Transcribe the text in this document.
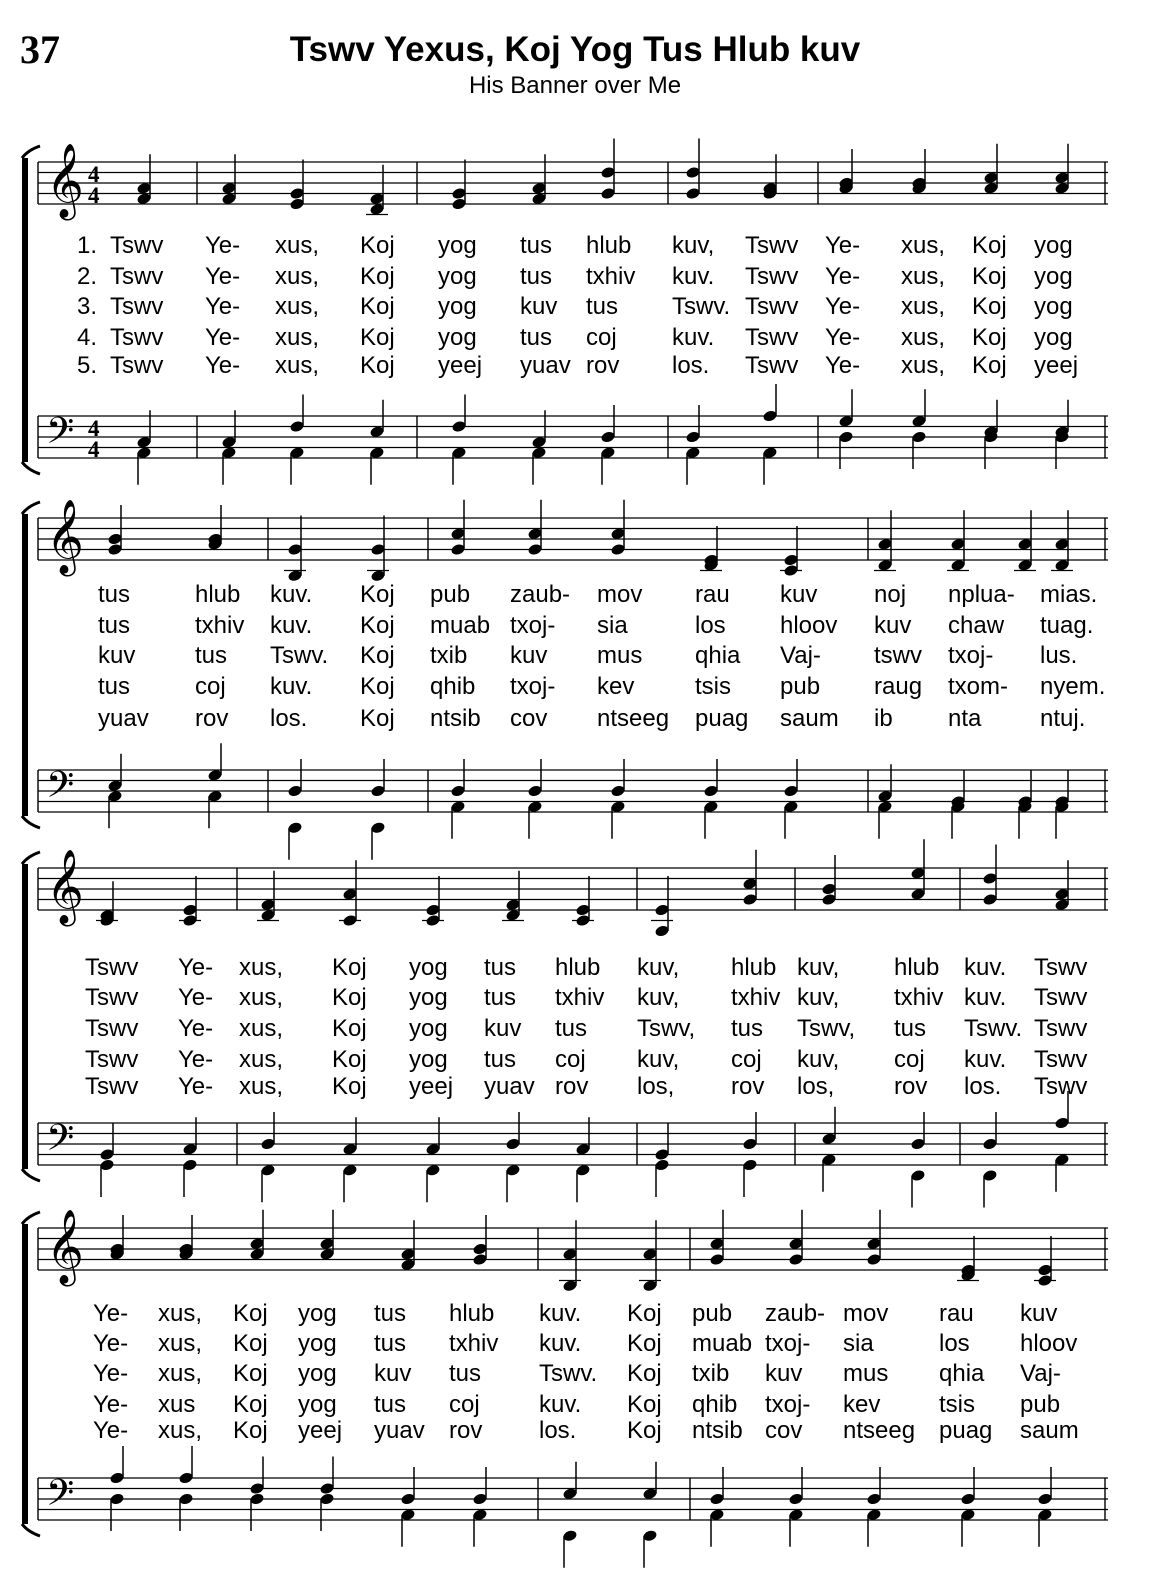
37	Tswv Yexus, Koj Yog Tus Hlub kuv
His Banner over Me
𝄞
𝄢
4
4
4
4
𝄞
𝄢
𝄞
𝄢
𝄞
𝄢
1. Tswv Ye- xus, Koj yog tus hlub kuv, Tswv Ye- xus, Koj yog
2. Tswv Ye- xus, Koj yog tus txhiv kuv. Tswv Ye- xus, Koj yog
3. Tswv Ye- xus, Koj yog kuv tus Tswv. Tswv Ye- xus, Koj yog
4. Tswv Ye- xus, Koj yog tus coj kuv. Tswv Ye- xus, Koj yog
5. Tswv Ye- xus, Koj yeej yuav rov los. Tswv Ye- xus, Koj yeej
tus	hlub kuv. Koj pub zaub- mov rau kuv noj nplua- mias.
tus	txhiv kuv. Koj muab txoj- sia	los hloov kuv chaw tuag.
kuv tus Tswv. Koj txib kuv mus qhia Vaj- tswv txoj- lus.
tus	coj kuv. Koj qhib txoj- kev	tsis pub raug txom- nyem.
yuav rov los. Koj ntsib cov ntseeg puag saum ib nta ntuj.
Tswv Ye- xus, Koj yog tus hlub kuv, hlub kuv, hlub kuv. Tswv
Tswv Ye- xus, Koj yog tus txhiv kuv, txhiv kuv, txhiv kuv. Tswv
Tswv Ye- xus, Koj yog kuv tus Tswv, tus Tswv, tus Tswv. Tswv
Tswv Ye- xus, Koj yog tus coj kuv, coj kuv, coj kuv. Tswv
Tswv Ye- xus, Koj yeej yuav rov los, rov los, rov los. Tswv
Ye- xus, Koj yog tus hlub kuv. Koj pub zaub- mov rau kuv
Ye- xus, Koj yog tus txhiv kuv. Koj muab txoj- sia	los hloov
Ye- xus, Koj yog kuv tus Tswv. Koj txib kuv mus qhia Vaj-
Ye- xus Koj yog tus coj kuv. Koj qhib txoj- kev tsis pub
Ye- xus, Koj yeej yuav rov los. Koj ntsib cov ntseeg puag saum
